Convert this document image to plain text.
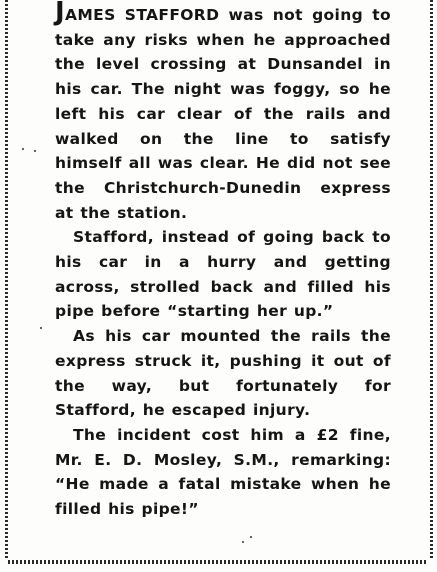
JAMES STAFFORD was not going to take any risks when he approached the level crossing at Dunsandel in his car. The night was foggy, so he left his car clear of the rails and walked on the line to satisfy himself all was clear. He did not see the Christchurch-Dunedin express at the station.

Stafford, instead of going back to his car in a hurry and getting across, strolled back and filled his pipe before “starting her up.”

As his car mounted the rails the express struck it, pushing it out of the way, but fortunately for Stafford, he escaped injury.

The incident cost him a £2 fine, Mr. E. D. Mosley, S.M., remarking: “He made a fatal mistake when he filled his pipe!”
